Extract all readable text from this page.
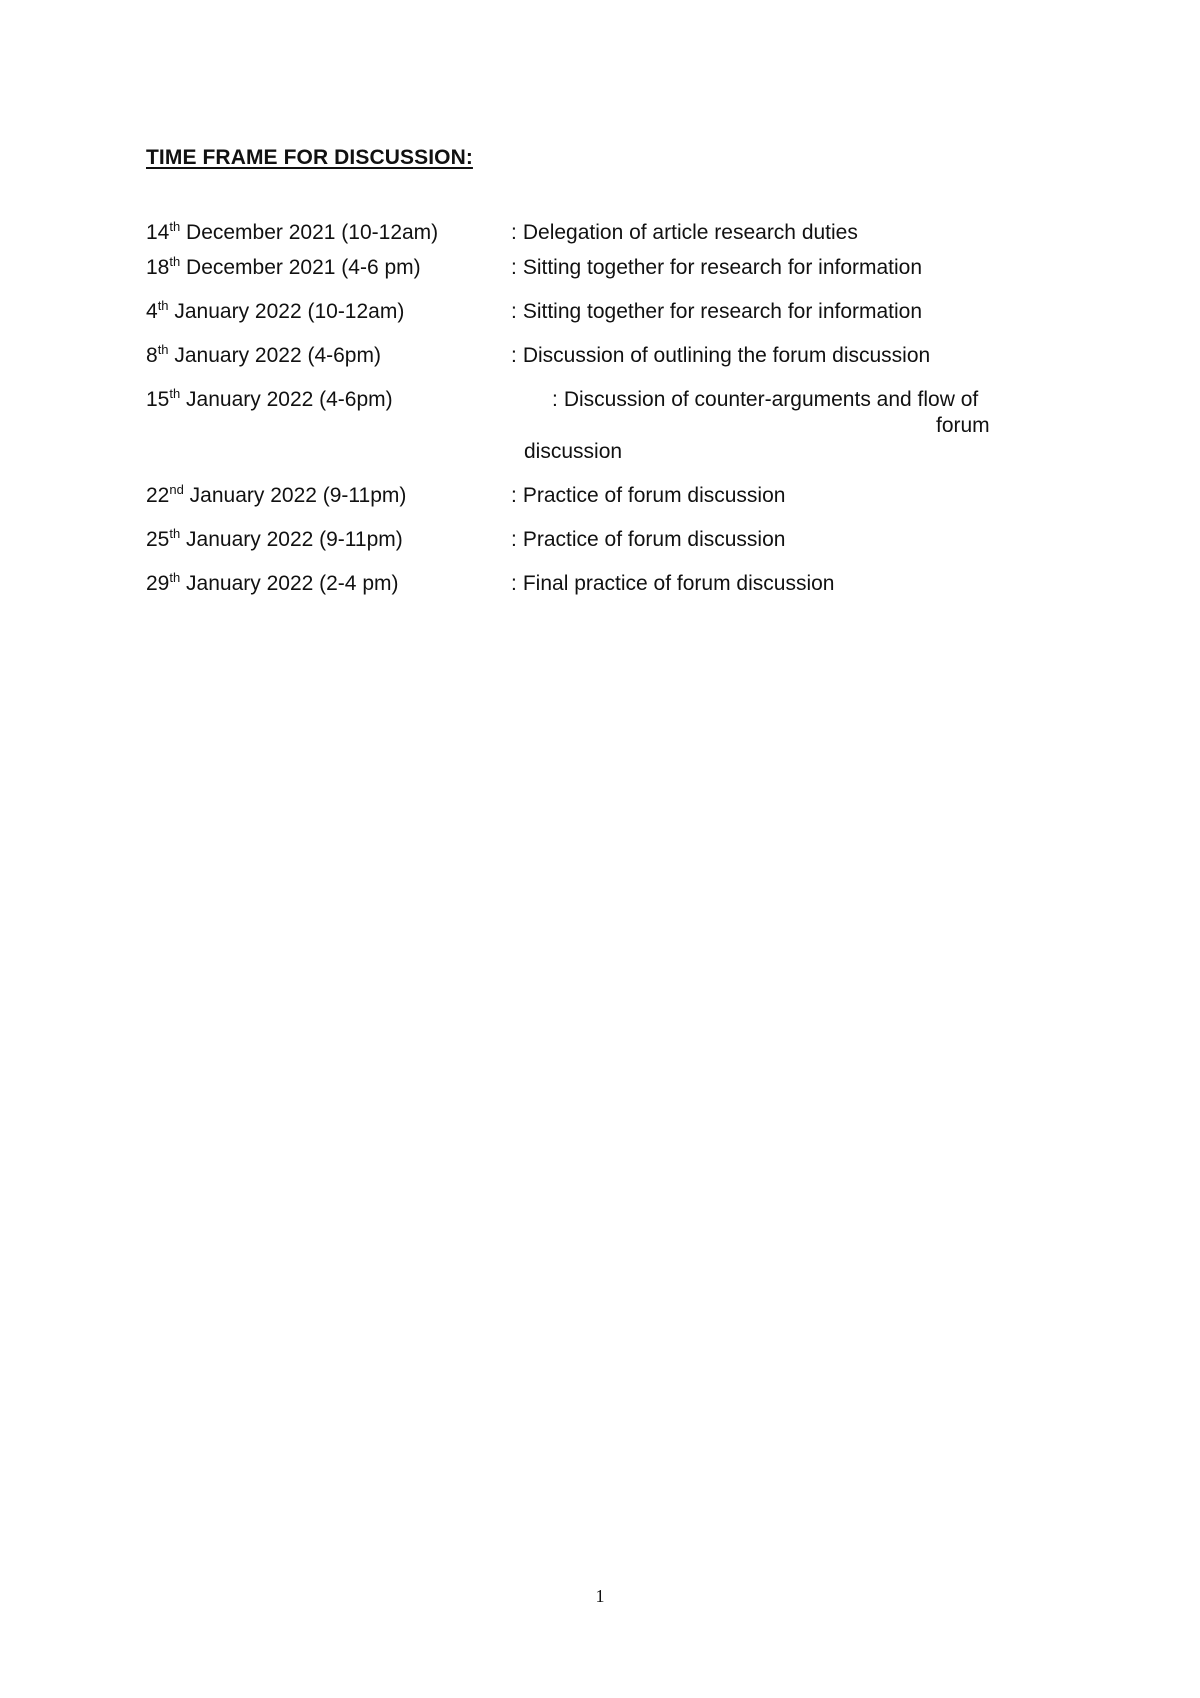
TIME FRAME FOR DISCUSSION:
14th December 2021 (10-12am)	: Delegation of article research duties
18th December 2021 (4-6 pm)	: Sitting together for research for information
4th January 2022 (10-12am)	: Sitting together for research for information
8th January 2022 (4-6pm)	: Discussion of outlining the forum discussion
15th January 2022 (4-6pm)	: Discussion of counter-arguments and flow of
forum
discussion
22nd January 2022 (9-11pm)	: Practice of forum discussion
25th January 2022 (9-11pm)	: Practice of forum discussion
29th January 2022 (2-4 pm)	: Final practice of forum discussion
1
